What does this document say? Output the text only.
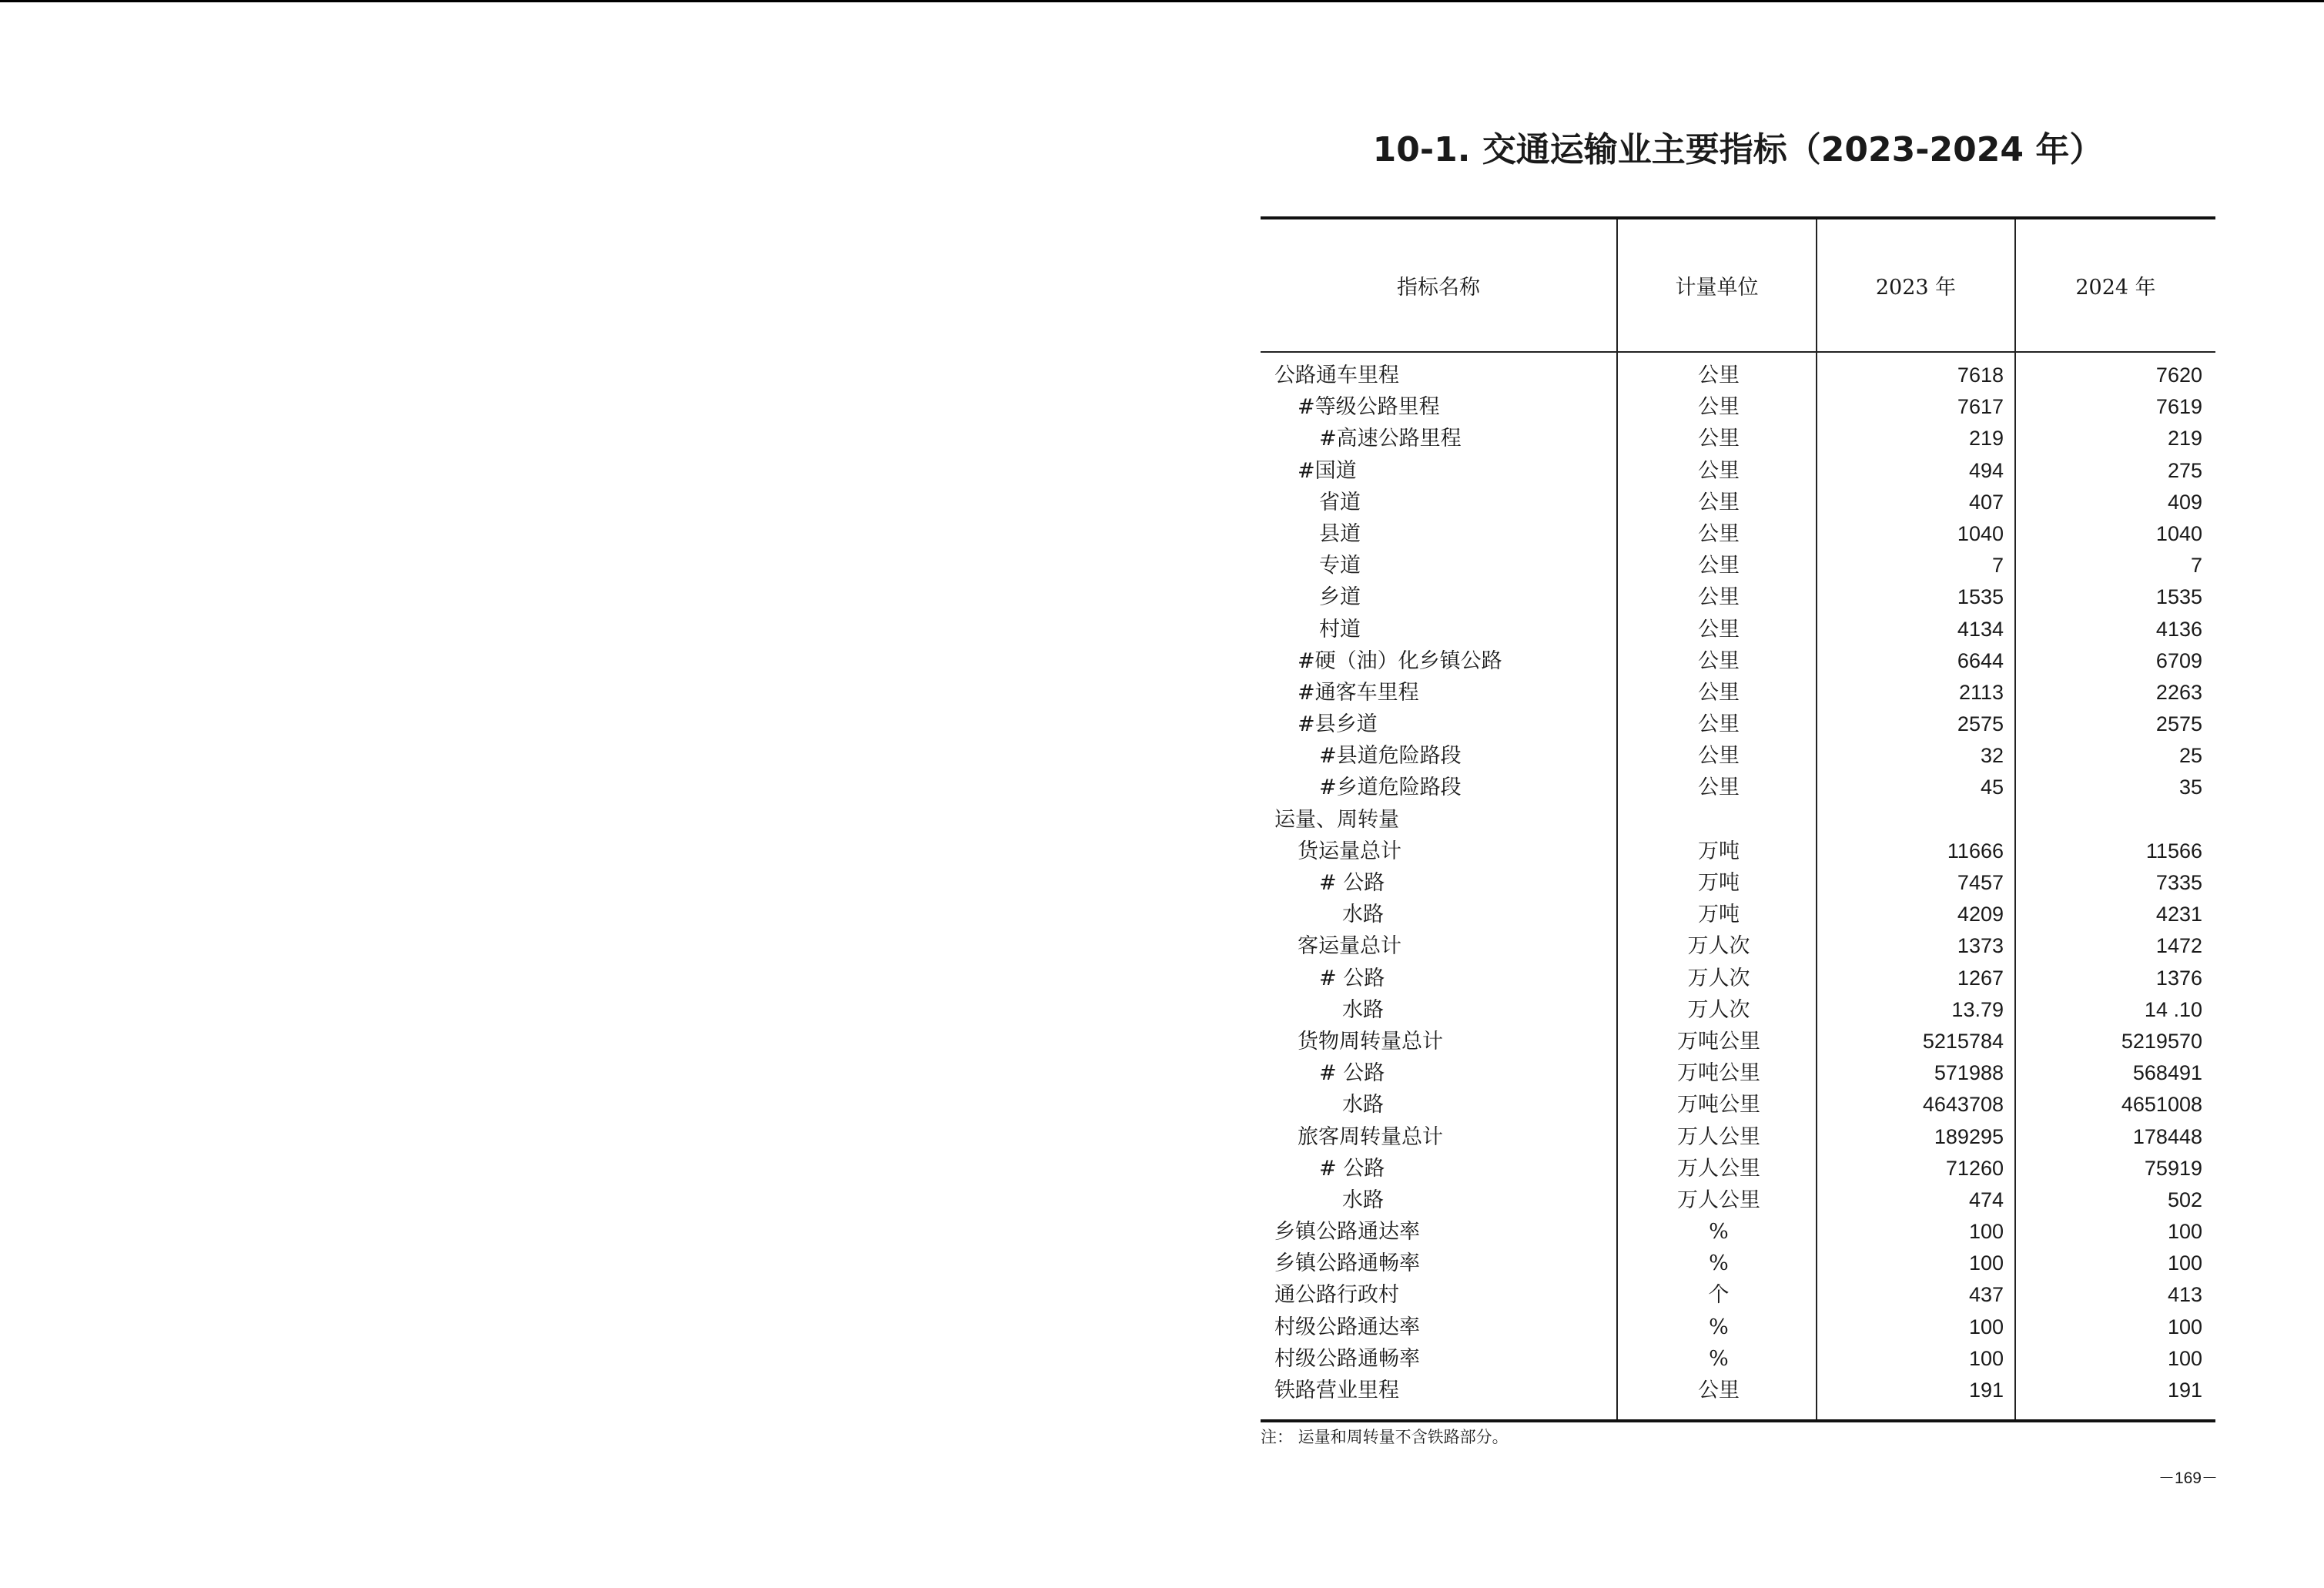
10-1. 交通运输业主要指标（2023-2024 年）
指标名称	计量单位	2023 年	2024 年
公路通车里程	公里	7618	7620
#等级公路里程	公里	7617	7619
#高速公路里程	公里	219	219
#国道	公里	494	275
省道	公里	407	409
县道	公里	1040	1040
专道	公里	7	7
乡道	公里	1535	1535
村道	公里	4134	4136
#硬（油）化乡镇公路	公里	6644	6709
#通客车里程	公里	2113	2263
#县乡道	公里	2575	2575
#县道危险路段	公里	32	25
#乡道危险路段	公里	45	35
运量、周转量
货运量总计	万吨	11666	11566
# 公路	万吨	7457	7335
水路	万吨	4209	4231
客运量总计	万人次	1373	1472
# 公路	万人次	1267	1376
水路	万人次	13.79	14 .10
货物周转量总计	万吨公里	5215784	5219570
# 公路	万吨公里	571988	568491
水路	万吨公里	4643708	4651008
旅客周转量总计	万人公里	189295	178448
# 公路	万人公里	71260	75919
水路	万人公里	474	502
乡镇公路通达率	%	100	100
乡镇公路通畅率	%	100	100
通公路行政村	个	437	413
村级公路通达率	%	100	100
村级公路通畅率	%	100	100
铁路营业里程	公里	191	191
注： 运量和周转量不含铁路部分。
－169－
